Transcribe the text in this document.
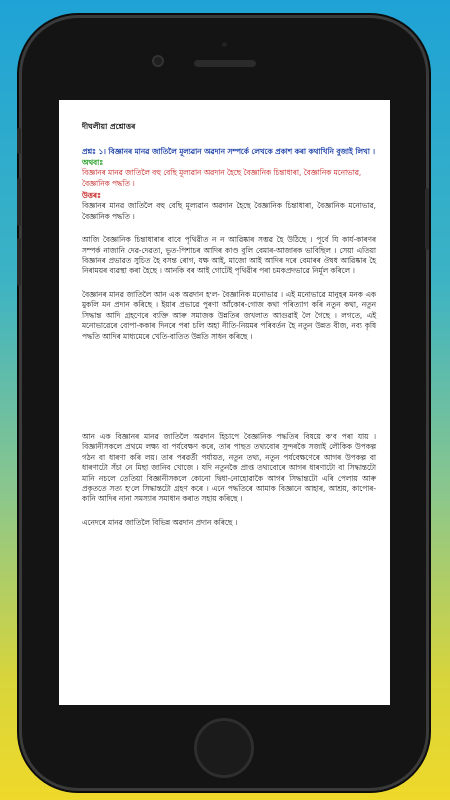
দীঘলীয়া প্ৰশ্নোত্তৰ

প্ৰশ্নঃ ১। বিজ্ঞানৰ মানৱ জাতিলৈ মূল্যৱান অৱদান সম্পৰ্কে লেখকে প্ৰকাশ কৰা কথাখিনি বুজাই লিখা ।

অথবাঃ

বিজ্ঞানৰ মানৱ জাতিলৈ বহু বেছি মূল্যৱান অৱদান হৈছে বৈজ্ঞানিক চিন্তাধাৰা, বৈজ্ঞানিক মনোভাৱ, বৈজ্ঞানিক পদ্ধতি ।

উত্তৰঃ

বিজ্ঞানৰ মানৱ জাতিলৈ বহু বেছি মূল্যৱান অৱদান হৈছে বৈজ্ঞানিক চিন্তাধাৰা, বৈজ্ঞানিক মনোভাৱ, বৈজ্ঞানিক পদ্ধতি ।

আজি বৈজ্ঞানিক চিন্তাধাৰাৰ বাবে পৃথিৱীত ন ন আৱিষ্কাৰ সম্ভৱ হৈ উঠিছে । পূৰ্বে যি কাৰ্য-কাৰণৰ সম্পৰ্ক নাজানি দেৱ-দেৱতা, ভূত-পিশাচৰ আদিৰ কাণ্ড বুলি বেমাৰ-আজাৰক ভাবিছিল । সেয়া এতিয়া বিজ্ঞানৰ প্ৰভাৱত সুচিত হৈ বসন্ত ৰোগ, যক্ষ আই, মাজো আই আদিৰ দৰে বেমাৰৰ ঔষধ আৱিষ্কাৰ হৈ নিৰাময়ৰ ব্যৱস্থা কৰা হৈছে । আনকি বৰ আই গোটেই পৃথিৱীৰ পৰা চমকপ্ৰদভাৱে নিৰ্মূল কৰিলে ।

বৈজ্ঞানৰ মানৱ জাতিলৈ আন এক অৱদান হ'ল- বৈজ্ঞানিক মনোভাৱ । এই মনোভাৱে মানুহৰ মনক এক মুকলি মন প্ৰদান কৰিছে । ইয়াৰ প্ৰভাৱে পুৰণা আঁকোৰ-গোজ কথা পৰিত্যাগ কৰি নতুন কথা, নতুন সিদ্ধান্ত আদি গ্ৰহণেৰে ব্যক্তি আৰু সমাজক উন্নতিৰ জখলাত আগুৱাই লৈ গৈছে । লগতে, এই মনোভাৱেৰে বোপা-ককাৰ দিনৰে পৰা চলি অহা নীতি-নিয়মৰ পৰিবৰ্তন হৈ নতুন উন্নত বীজ, নব্য কৃষি পদ্ধতি আদিৰ মাধ্যমেৰে খেতি-বাতিত উন্নতি সাধন কৰিছে ।

আন এক বিজ্ঞানৰ মানৱ জাতিলৈ অৱদান হিচাপে বৈজ্ঞানিক পদ্ধতিৰ বিষয়ে ক'ব পৰা যায় । বিজ্ঞানীসকলে প্ৰথমে লক্ষ্য বা পৰ্যবেক্ষণ কৰে, তাৰ পাছত তথ্যবোৰ সুন্দৰকৈ সজাই লৌকিক উপকল্প গঠন বা ধাৰণা কৰি লয়। তাৰ পৰৱৰ্তী পৰ্যায়ত, নতুন তথ্য, নতুন পৰ্যবেক্ষণেৰে আগৰ উপকল্প বা ধাৰণাটো সঁচা নে মিছা জানিব খোজে । যদি নতুনকৈ প্ৰাপ্ত তথ্যবোৰে আগৰ ধাৰণাটো বা সিদ্ধান্তটো মানি নচলে তেতিয়া বিজ্ঞানীসকলে কোনো দ্বিধা-নোহোৱাকৈ আগৰ সিদ্ধান্তটো এৰি পেলায় আৰু প্ৰকৃততে সত্য হ'লে সিদ্ধান্তটো গ্ৰহণ কৰে । এনে পদ্ধতিৰে আমাক বিজ্ঞানে আহাৰ, আশ্ৰয়, কাপোৰ-কানি আদিৰ নানা সমস্যাৰ সমাধান কৰাত সহায় কৰিছে ।

এনেদৰে মানৱ জাতিলৈ বিভিন্ন অৱদান প্ৰদান কৰিছে ।
